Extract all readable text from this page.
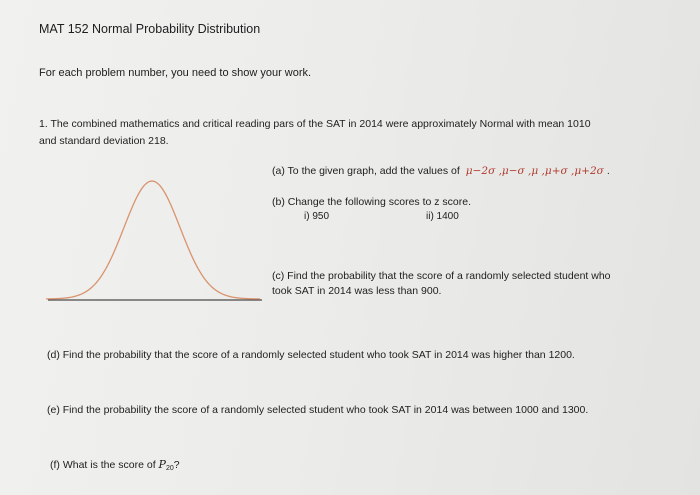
MAT 152 Normal Probability Distribution
For each problem number, you need to show your work.
1. The combined mathematics and critical reading pars of the SAT in 2014 were approximately Normal with mean 1010
and standard deviation 218.
(a) To the given graph, add the values of μ−2σ ,μ−σ ,μ ,μ+σ ,μ+2σ .
(b) Change the following scores to z score.
i) 950	ii) 1400
(c) Find the probability that the score of a randomly selected student who
took SAT in 2014 was less than 900.
(d) Find the probability that the score of a randomly selected student who took SAT in 2014 was higher than 1200.
(e) Find the probability the score of a randomly selected student who took SAT in 2014 was between 1000 and 1300.
(f) What is the score of $P_{20}$?
